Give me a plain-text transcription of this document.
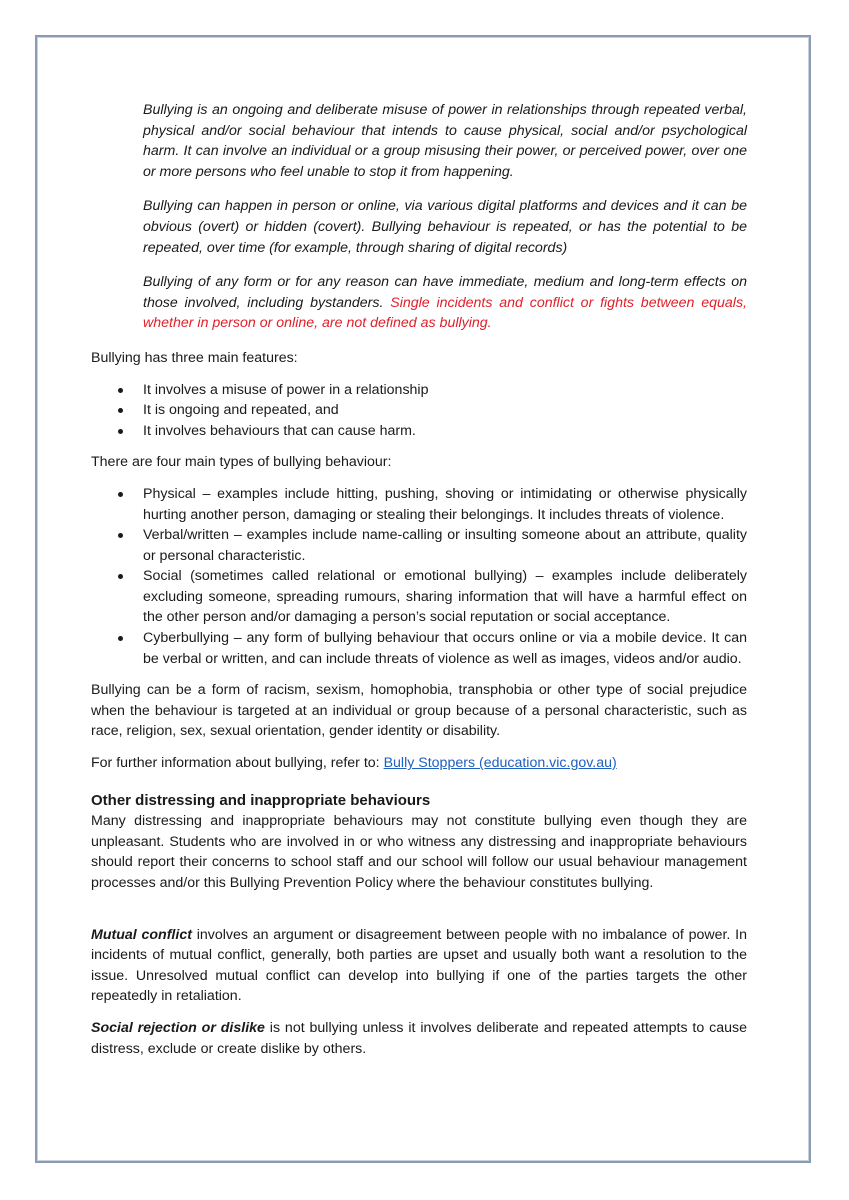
Bullying is an ongoing and deliberate misuse of power in relationships through repeated verbal, physical and/or social behaviour that intends to cause physical, social and/or psychological harm. It can involve an individual or a group misusing their power, or perceived power, over one or more persons who feel unable to stop it from happening.

Bullying can happen in person or online, via various digital platforms and devices and it can be obvious (overt) or hidden (covert). Bullying behaviour is repeated, or has the potential to be repeated, over time (for example, through sharing of digital records)

Bullying of any form or for any reason can have immediate, medium and long-term effects on those involved, including bystanders. Single incidents and conflict or fights between equals, whether in person or online, are not defined as bullying.

Bullying has three main features:

It involves a misuse of power in a relationship
It is ongoing and repeated, and
It involves behaviours that can cause harm.

There are four main types of bullying behaviour:

Physical – examples include hitting, pushing, shoving or intimidating or otherwise physically hurting another person, damaging or stealing their belongings. It includes threats of violence.
Verbal/written – examples include name-calling or insulting someone about an attribute, quality or personal characteristic.
Social (sometimes called relational or emotional bullying) – examples include deliberately excluding someone, spreading rumours, sharing information that will have a harmful effect on the other person and/or damaging a person’s social reputation or social acceptance.
Cyberbullying – any form of bullying behaviour that occurs online or via a mobile device. It can be verbal or written, and can include threats of violence as well as images, videos and/or audio.

Bullying can be a form of racism, sexism, homophobia, transphobia or other type of social prejudice when the behaviour is targeted at an individual or group because of a personal characteristic, such as race, religion, sex, sexual orientation, gender identity or disability.

For further information about bullying, refer to: Bully Stoppers (education.vic.gov.au)

Other distressing and inappropriate behaviours

Many distressing and inappropriate behaviours may not constitute bullying even though they are unpleasant. Students who are involved in or who witness any distressing and inappropriate behaviours should report their concerns to school staff and our school will follow our usual behaviour management processes and/or this Bullying Prevention Policy where the behaviour constitutes bullying.

Mutual conflict involves an argument or disagreement between people with no imbalance of power. In incidents of mutual conflict, generally, both parties are upset and usually both want a resolution to the issue. Unresolved mutual conflict can develop into bullying if one of the parties targets the other repeatedly in retaliation.

Social rejection or dislike is not bullying unless it involves deliberate and repeated attempts to cause distress, exclude or create dislike by others.
